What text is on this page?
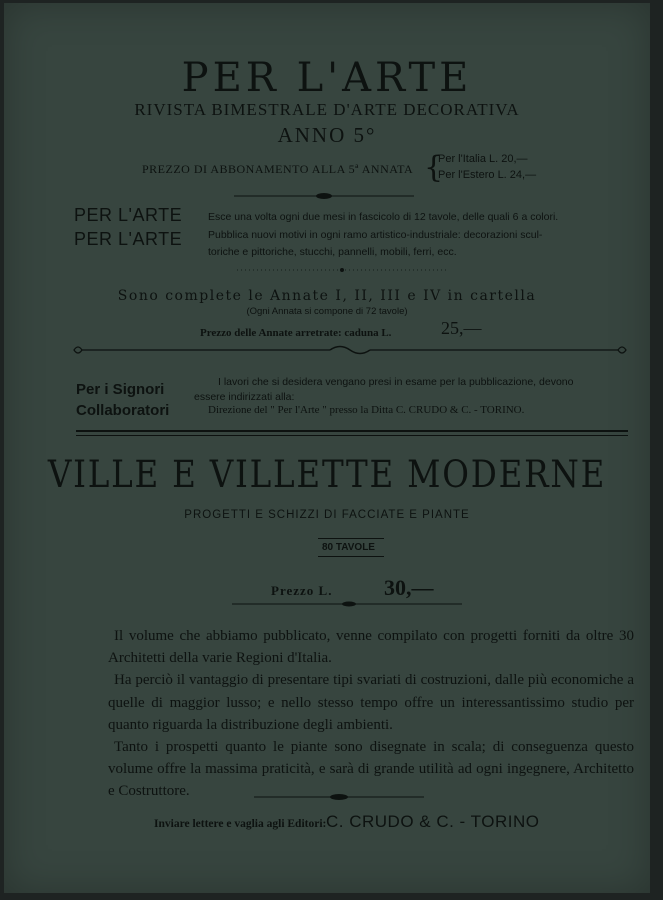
PER L'ARTE
RIVISTA BIMESTRALE D'ARTE DECORATIVA
ANNO 5°
PREZZO DI ABBONAMENTO ALLA 5ª ANNATA {
Per l'Italia L. 20,—
Per l'Estero L. 24,—
PER L'ARTE Esce una volta ogni due mesi in fascicolo di 12 tavole, delle quali 6 a colori.
PER L'ARTE Pubblica nuovi motivi in ogni ramo artistico-industriale: decorazioni scul-
toriche e pittoriche, stucchi, pannelli, mobili, ferri, ecc.
Sono complete le Annate I, II, III e IV in cartella
(Ogni Annata si compone di 72 tavole)
Prezzo delle Annate arretrate: caduna L.	25,—
Per i Signori
Collaboratori
I lavori che si desidera vengano presi in esame per la pubblicazione, devono
essere indirizzati alla:
Direzione del " Per l'Arte " presso la Ditta C. CRUDO & C. - TORINO.
VILLE E VILLETTE MODERNE
PROGETTI E SCHIZZI DI FACCIATE E PIANTE
80 TAVOLE
Prezzo L. 30,—

Il volume che abbiamo pubblicato, venne compilato con progetti forniti da oltre 30 Architetti della varie Regioni d'Italia.

Ha perciò il vantaggio di presentare tipi svariati di costruzioni, dalle più economiche a quelle di maggior lusso; e nello stesso tempo offre un interessantissimo studio per quanto riguarda la distribuzione degli ambienti.

Tanto i prospetti quanto le piante sono disegnate in scala; di conseguenza questo volume offre la massima praticità, e sarà di grande utilità ad ogni ingegnere, Architetto e Costruttore.

Inviare lettere e vaglia agli Editori: C. CRUDO & C. - TORINO
